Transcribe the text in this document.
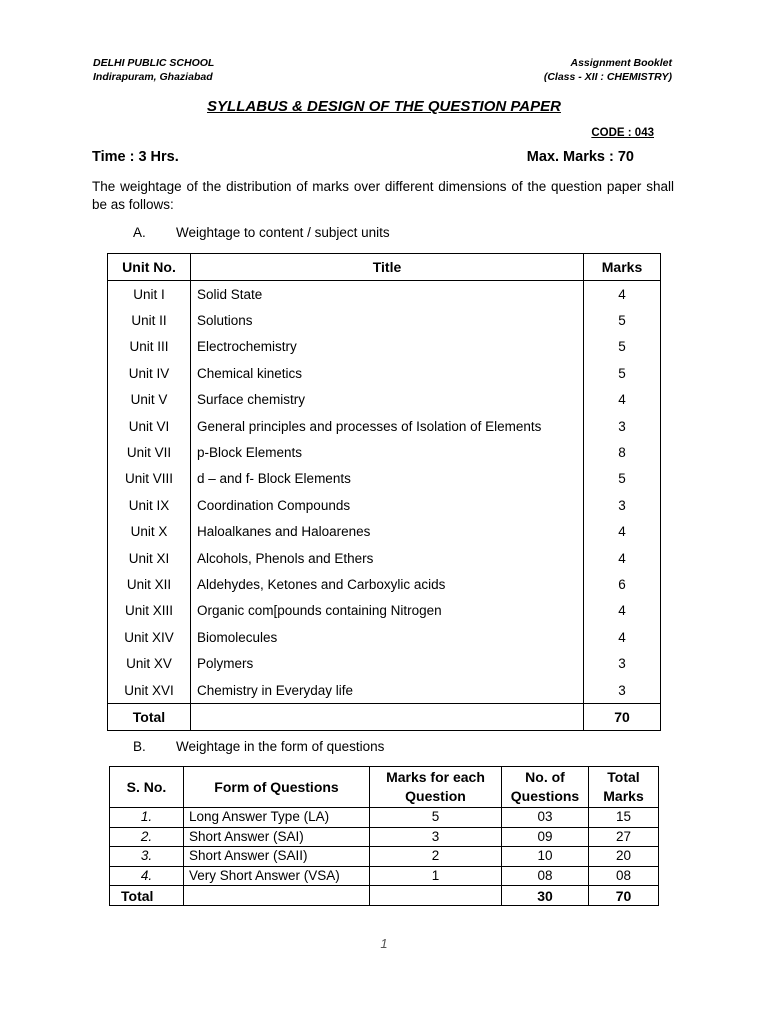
DELHI PUBLIC SCHOOL
Indirapuram, Ghaziabad
Assignment Booklet
(Class - XII : CHEMISTRY)
SYLLABUS & DESIGN OF THE QUESTION PAPER
CODE : 043
Time : 3 Hrs.	Max. Marks : 70
The weightage of the distribution of marks over different dimensions of the question paper shall be as follows:
A. Weightage to content / subject units
Unit No.	Title	Marks
Unit I	Solid State	4
Unit II	Solutions	5
Unit III	Electrochemistry	5
Unit IV	Chemical kinetics	5
Unit V	Surface chemistry	4
Unit VI	General principles and processes of Isolation of Elements	3
Unit VII	p-Block Elements	8
Unit VIII	d – and f- Block Elements	5
Unit IX	Coordination Compounds	3
Unit X	Haloalkanes and Haloarenes	4
Unit XI	Alcohols, Phenols and Ethers	4
Unit XII	Aldehydes, Ketones and Carboxylic acids	6
Unit XIII	Organic com[pounds containing Nitrogen	4
Unit XIV	Biomolecules	4
Unit XV	Polymers	3
Unit XVI	Chemistry in Everyday life	3
Total		70
B. Weightage in the form of questions
S. No.	Form of Questions	Marks for each Question	No. of Questions	Total Marks
1.	Long Answer Type (LA)	5	03	15
2.	Short Answer (SAI)	3	09	27
3.	Short Answer (SAII)	2	10	20
4.	Very Short Answer (VSA)	1	08	08
Total			30	70
1
